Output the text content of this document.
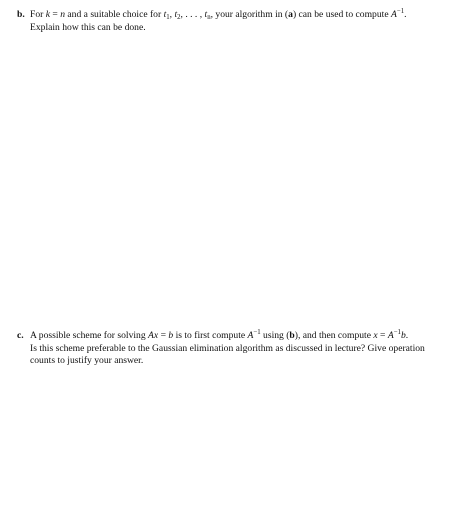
b. For k = n and a suitable choice for $t_1$, $t_2$, . . . , $t_n$, your algorithm in (a) can be used to compute $A^{-1}$.
Explain how this can be done.
c. A possible scheme for solving Ax = b is to first compute $A^{-1}$ using (b), and then compute $x = A^{-1}b$.
Is this scheme preferable to the Gaussian elimination algorithm as discussed in lecture? Give operation
counts to justify your answer.
